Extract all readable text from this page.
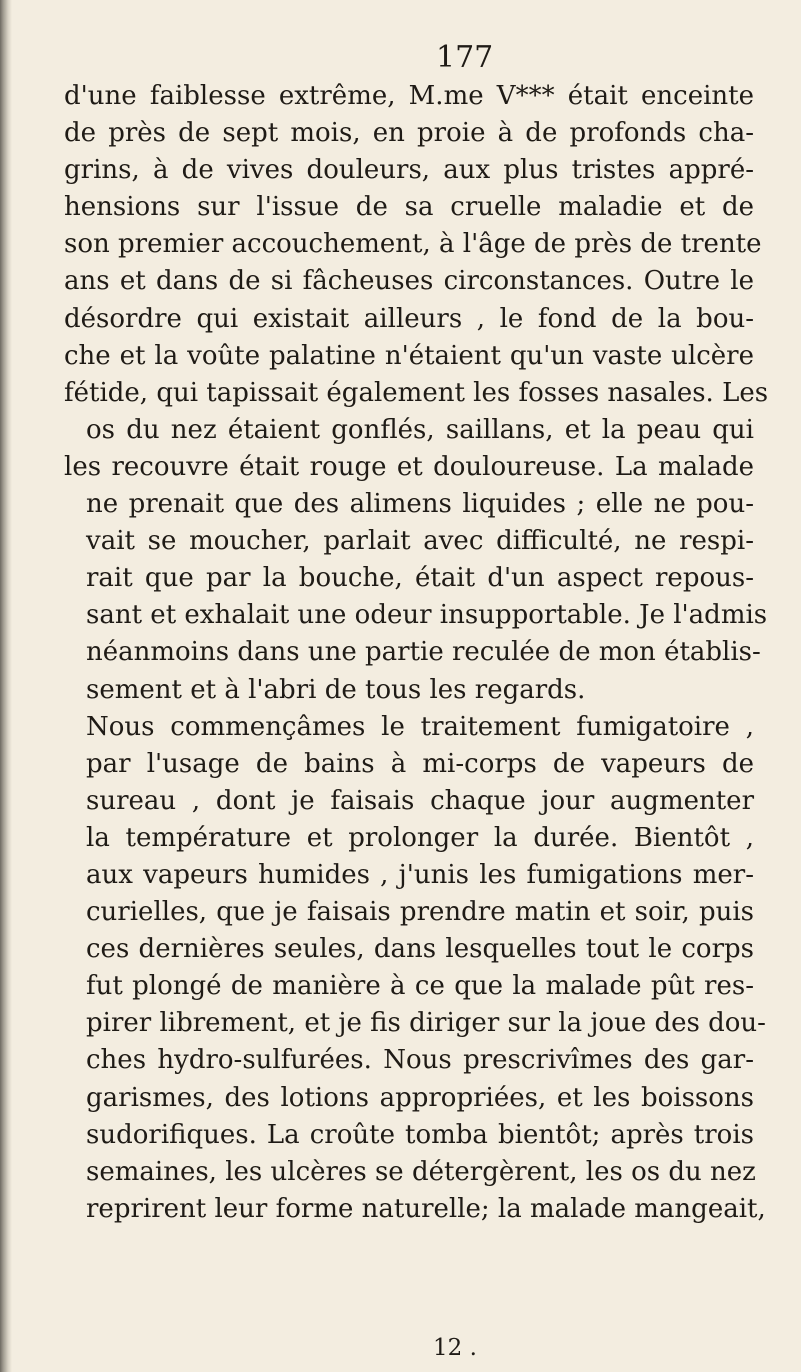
177
d'une faiblesse extrême, M.me V*** était enceinte
de près de sept mois, en proie à de profonds cha-
grins, à de vives douleurs, aux plus tristes appré-
hensions sur l'issue de sa cruelle maladie et de
son premier accouchement, à l'âge de près de trente
ans et dans de si fâcheuses circonstances. Outre le
désordre qui existait ailleurs , le fond de la bou-
che et la voûte palatine n'étaient qu'un vaste ulcère
fétide, qui tapissait également les fosses nasales. Les
os du nez étaient gonflés, saillans, et la peau qui
les recouvre était rouge et douloureuse. La malade
ne prenait que des alimens liquides ; elle ne pou-
vait se moucher, parlait avec difficulté, ne respi-
rait que par la bouche, était d'un aspect repous-
sant et exhalait une odeur insupportable. Je l'admis
néanmoins dans une partie reculée de mon établis-
sement et à l'abri de tous les regards.
Nous commençâmes le traitement fumigatoire ,
par l'usage de bains à mi-corps de vapeurs de
sureau , dont je faisais chaque jour augmenter
la température et prolonger la durée. Bientôt ,
aux vapeurs humides , j'unis les fumigations mer-
curielles, que je faisais prendre matin et soir, puis
ces dernières seules, dans lesquelles tout le corps
fut plongé de manière à ce que la malade pût res-
pirer librement, et je fis diriger sur la joue des dou-
ches hydro-sulfurées. Nous prescrivîmes des gar-
garismes, des lotions appropriées, et les boissons
sudorifiques. La croûte tomba bientôt; après trois
semaines, les ulcères se détergèrent, les os du nez
reprirent leur forme naturelle; la malade mangeait,
12 .
